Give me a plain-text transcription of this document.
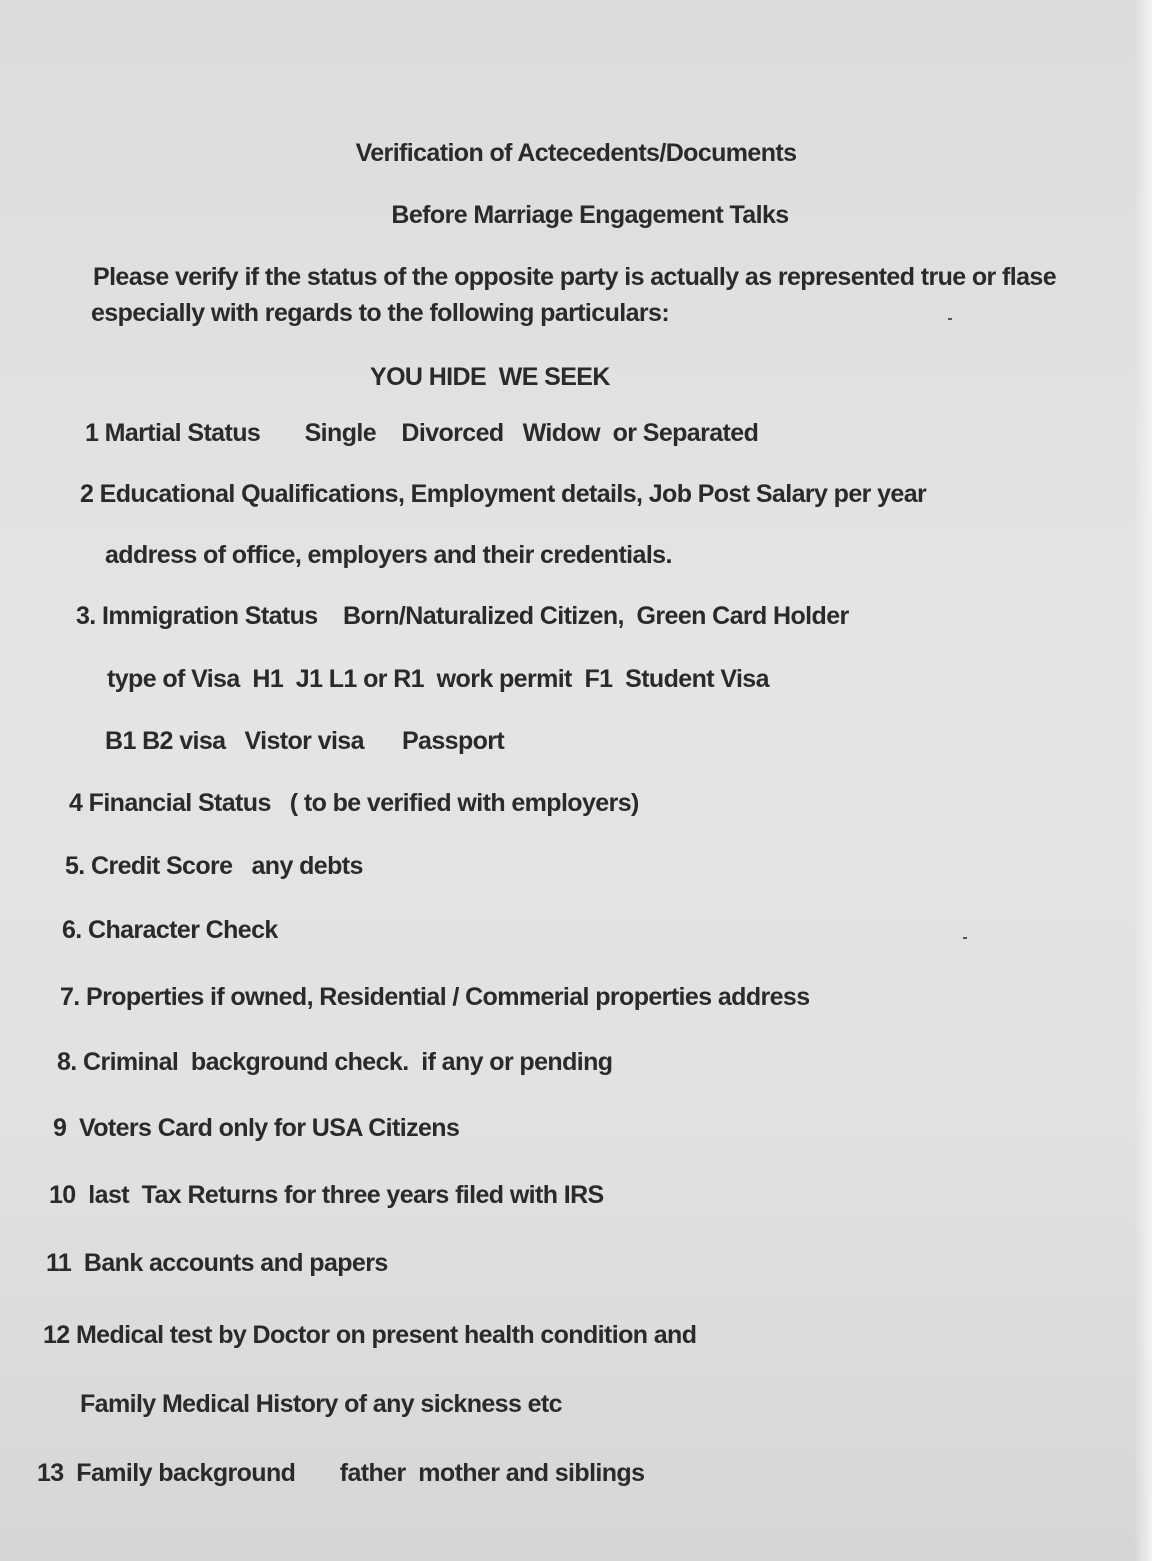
Verification of Actecedents/Documents
Before Marriage Engagement Talks
Please verify if the status of the opposite party is actually as represented true or flase
especially with regards to the following particulars:
YOU HIDE  WE SEEK
1 Martial Status       Single    Divorced   Widow  or Separated
2 Educational Qualifications, Employment details, Job Post Salary per year
address of office, employers and their credentials.
3. Immigration Status    Born/Naturalized Citizen,  Green Card Holder
type of Visa  H1  J1 L1 or R1  work permit  F1  Student Visa
B1 B2 visa   Vistor visa      Passport
4 Financial Status   ( to be verified with employers)
5. Credit Score   any debts
6. Character Check
7. Properties if owned, Residential / Commerial properties address
8. Criminal  background check.  if any or pending
9  Voters Card only for USA Citizens
10  last  Tax Returns for three years filed with IRS
11  Bank accounts and papers
12 Medical test by Doctor on present health condition and
Family Medical History of any sickness etc
13  Family background       father  mother and siblings
